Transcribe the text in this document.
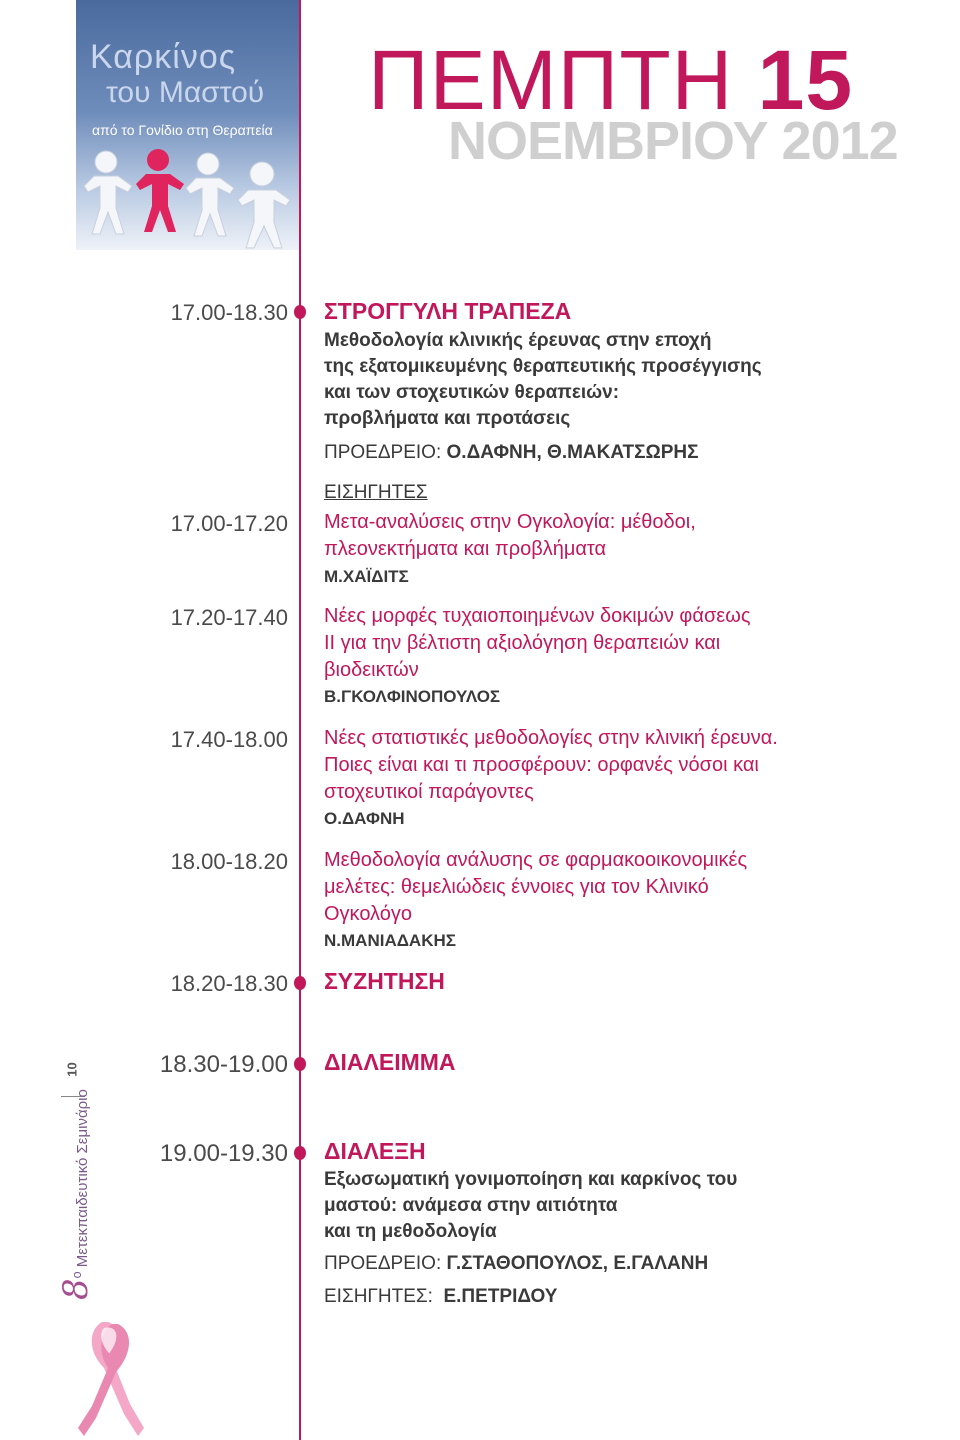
Καρκίνος
του Μαστού
από το Γονίδιο στη Θεραπεία
ΠΕΜΠΤΗ 15
ΝΟΕΜΒΡΙΟΥ 2012
17.00-18.30 ΣΤΡΟΓΓΥΛΗ ΤΡΑΠΕΖΑ
Μεθοδολογία κλινικής έρευνας στην εποχή
της εξατομικευμένης θεραπευτικής προσέγγισης
και των στοχευτικών θεραπειών:
προβλήματα και προτάσεις
ΠΡΟΕΔΡΕΙΟ: Ο.ΔΑΦΝΗ, Θ.ΜΑΚΑΤΣΩΡΗΣ
ΕΙΣΗΓΗΤΕΣ
17.00-17.20 Μετα-αναλύσεις στην Ογκολογία: μέθοδοι,
πλεονεκτήματα και προβλήματα
Μ.ΧΑΪΔΙΤΣ
17.20-17.40 Νέες μορφές τυχαιοποιημένων δοκιμών φάσεως
II για την βέλτιστη αξιολόγηση θεραπειών και
βιοδεικτών
Β.ΓΚΟΛΦΙΝΟΠΟΥΛΟΣ
17.40-18.00 Νέες στατιστικές μεθοδολογίες στην κλινική έρευνα.
Ποιες είναι και τι προσφέρουν: ορφανές νόσοι και
στοχευτικοί παράγοντες
Ο.ΔΑΦΝΗ
18.00-18.20 Μεθοδολογία ανάλυσης σε φαρμακοοικονομικές
μελέτες: θεμελιώδεις έννοιες για τον Κλινικό
Ογκολόγο
Ν.ΜΑΝΙΑΔΑΚΗΣ
18.20-18.30 ΣΥΖΗΤΗΣΗ
18.30-19.00 ΔΙΑΛΕΙΜΜΑ
19.00-19.30 ΔΙΑΛΕΞΗ
Εξωσωματική γονιμοποίηση και καρκίνος του
μαστού: ανάμεσα στην αιτιότητα
και τη μεθοδολογία
ΠΡΟΕΔΡΕΙΟ: Γ.ΣΤΑΘΟΠΟΥΛΟΣ, Ε.ΓΑΛΑΝΗ
ΕΙΣΗΓΗΤΕΣ: Ε.ΠΕΤΡΙΔΟΥ
10
$8^o$ Μετεκπαιδευτικό Σεμινάριο
